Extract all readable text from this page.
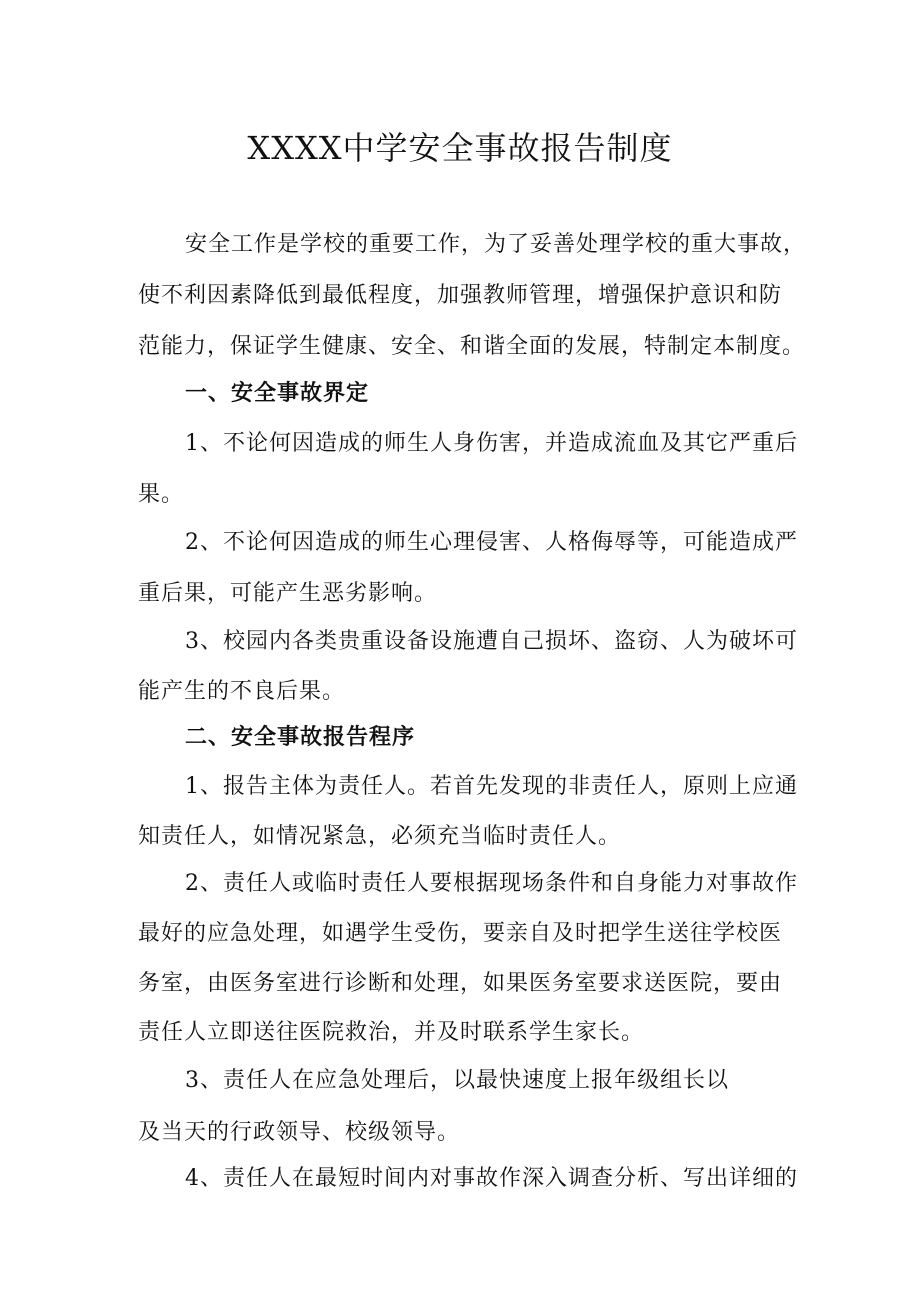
XXXX中学安全事故报告制度

安全工作是学校的重要工作，为了妥善处理学校的重大事故，

使不利因素降低到最低程度，加强教师管理，增强保护意识和防

范能力，保证学生健康、安全、和谐全面的发展，特制定本制度。

一、安全事故界定

1、不论何因造成的师生人身伤害，并造成流血及其它严重后

果。

2、不论何因造成的师生心理侵害、人格侮辱等，可能造成严

重后果，可能产生恶劣影响。

3、校园内各类贵重设备设施遭自己损坏、盗窃、人为破坏可

能产生的不良后果。

二、安全事故报告程序

1、报告主体为责任人。若首先发现的非责任人，原则上应通

知责任人，如情况紧急，必须充当临时责任人。

2、责任人或临时责任人要根据现场条件和自身能力对事故作

最好的应急处理，如遇学生受伤，要亲自及时把学生送往学校医

务室，由医务室进行诊断和处理，如果医务室要求送医院，要由

责任人立即送往医院救治，并及时联系学生家长。

3、责任人在应急处理后，以最快速度上报年级组长以

及当天的行政领导、校级领导。

4、责任人在最短时间内对事故作深入调查分析、写出详细的
